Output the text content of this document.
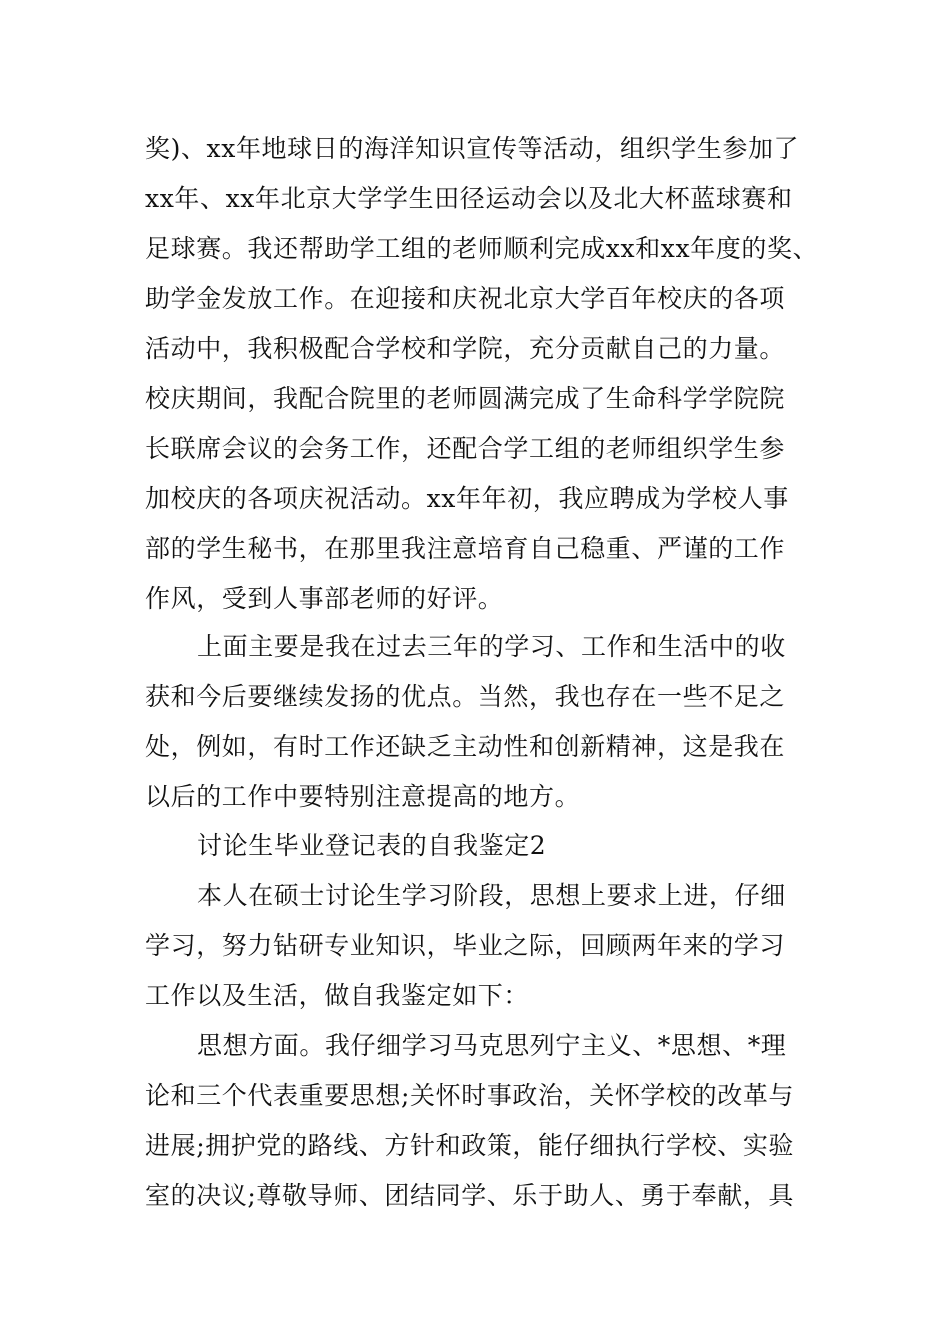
奖)、xx年地球日的海洋知识宣传等活动，组织学生参加了
xx年、xx年北京大学学生田径运动会以及北大杯蓝球赛和
足球赛。我还帮助学工组的老师顺利完成xx和xx年度的奖、
助学金发放工作。在迎接和庆祝北京大学百年校庆的各项
活动中，我积极配合学校和学院，充分贡献自己的力量。
校庆期间，我配合院里的老师圆满完成了生命科学学院院
长联席会议的会务工作，还配合学工组的老师组织学生参
加校庆的各项庆祝活动。xx年年初，我应聘成为学校人事
部的学生秘书，在那里我注意培育自己稳重、严谨的工作
作风，受到人事部老师的好评。
上面主要是我在过去三年的学习、工作和生活中的收
获和今后要继续发扬的优点。当然，我也存在一些不足之
处，例如，有时工作还缺乏主动性和创新精神，这是我在
以后的工作中要特别注意提高的地方。
讨论生毕业登记表的自我鉴定2
本人在硕士讨论生学习阶段，思想上要求上进，仔细
学习，努力钻研专业知识，毕业之际，回顾两年来的学习
工作以及生活，做自我鉴定如下：
思想方面。我仔细学习马克思列宁主义、*思想、*理
论和三个代表重要思想;关怀时事政治，关怀学校的改革与
进展;拥护党的路线、方针和政策，能仔细执行学校、实验
室的决议;尊敬导师、团结同学、乐于助人、勇于奉献，具
